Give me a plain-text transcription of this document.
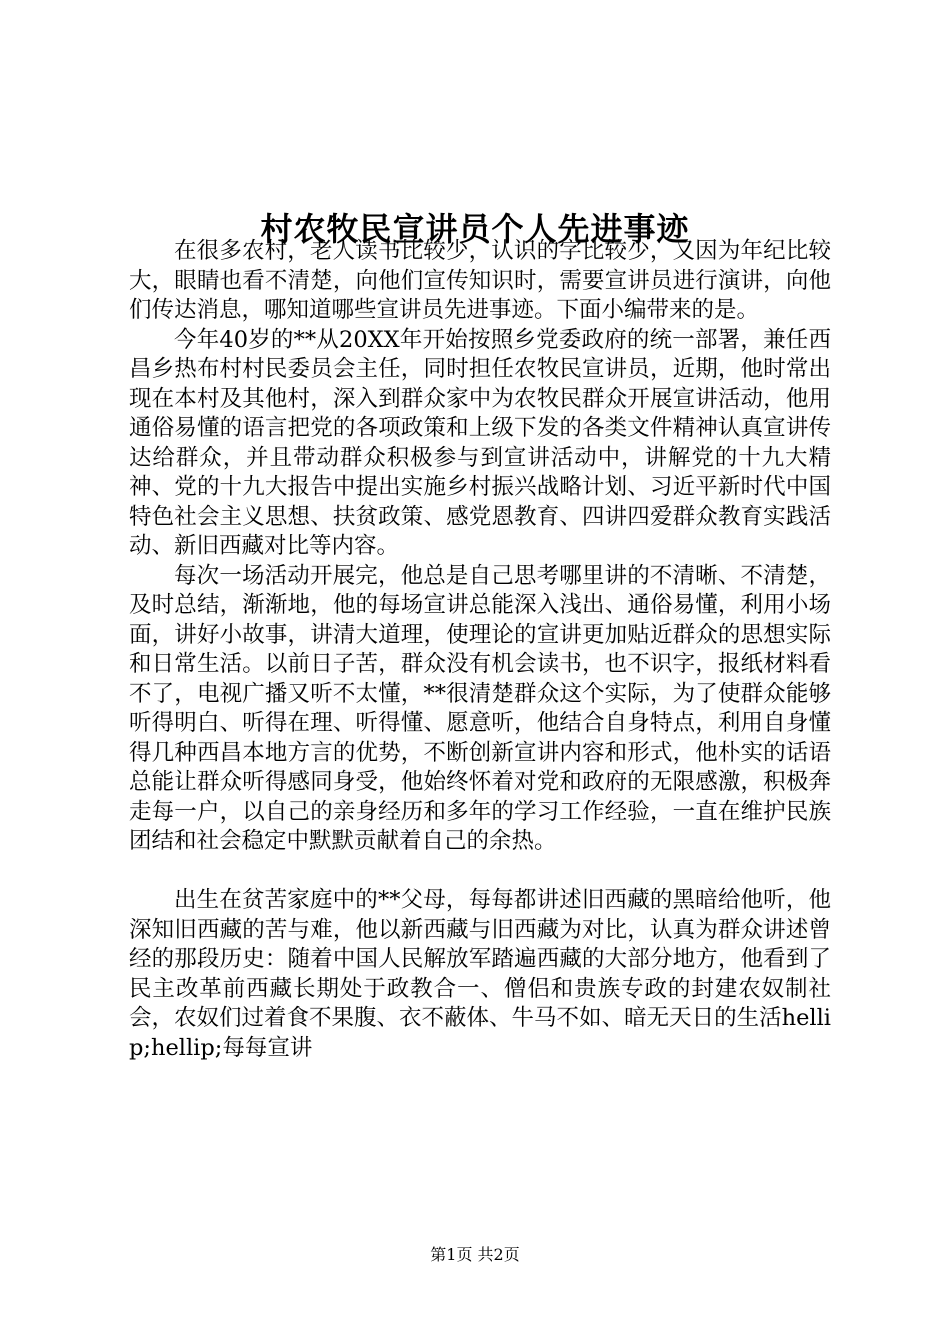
村农牧民宣讲员个人先进事迹

在很多农村，老人读书比较少，认识的字比较少，又因为年纪比较大，眼睛也看不清楚，向他们宣传知识时，需要宣讲员进行演讲，向他们传达消息，哪知道哪些宣讲员先进事迹。下面小编带来的是。

今年40岁的**从20XX年开始按照乡党委政府的统一部署，兼任西昌乡热布村村民委员会主任，同时担任农牧民宣讲员，近期，他时常出现在本村及其他村，深入到群众家中为农牧民群众开展宣讲活动，他用通俗易懂的语言把党的各项政策和上级下发的各类文件精神认真宣讲传达给群众，并且带动群众积极参与到宣讲活动中，讲解党的十九大精神、党的十九大报告中提出实施乡村振兴战略计划、习近平新时代中国特色社会主义思想、扶贫政策、感党恩教育、四讲四爱群众教育实践活动、新旧西藏对比等内容。

每次一场活动开展完，他总是自己思考哪里讲的不清晰、不清楚，及时总结，渐渐地，他的每场宣讲总能深入浅出、通俗易懂，利用小场面，讲好小故事，讲清大道理，使理论的宣讲更加贴近群众的思想实际和日常生活。以前日子苦，群众没有机会读书，也不识字，报纸材料看不了，电视广播又听不太懂，**很清楚群众这个实际，为了使群众能够听得明白、听得在理、听得懂、愿意听，他结合自身特点，利用自身懂得几种西昌本地方言的优势，不断创新宣讲内容和形式，他朴实的话语总能让群众听得感同身受，他始终怀着对党和政府的无限感激，积极奔走每一户，以自己的亲身经历和多年的学习工作经验，一直在维护民族团结和社会稳定中默默贡献着自己的余热。

出生在贫苦家庭中的**父母，每每都讲述旧西藏的黑暗给他听，他深知旧西藏的苦与难，他以新西藏与旧西藏为对比，认真为群众讲述曾经的那段历史：随着中国人民解放军踏遍西藏的大部分地方，他看到了民主改革前西藏长期处于政教合一、僧侣和贵族专政的封建农奴制社会，农奴们过着食不果腹、衣不蔽体、牛马不如、暗无天日的生活hellip;hellip;每每宣讲

第1页 共2页
